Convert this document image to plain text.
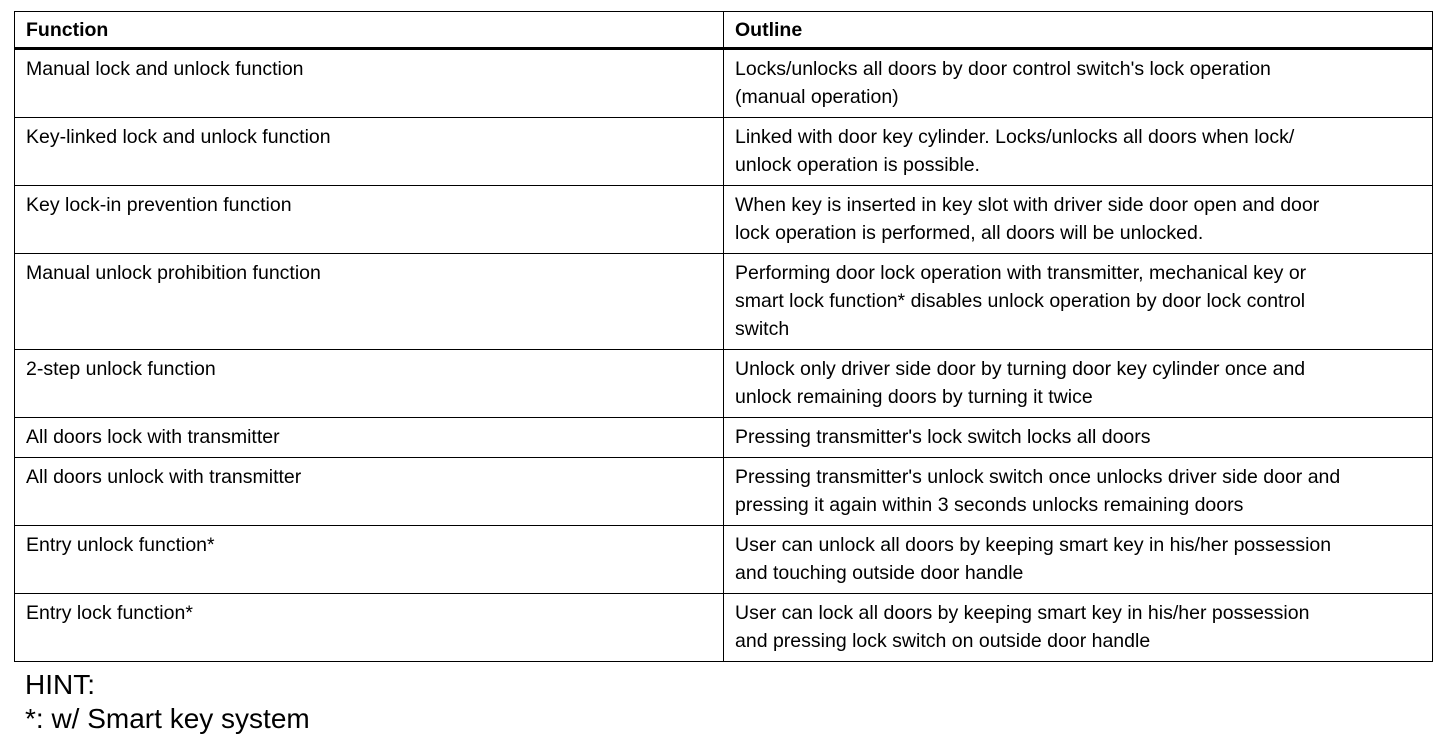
Function	Outline
Manual lock and unlock function	Locks/unlocks all doors by door control switch's lock operation
(manual operation)

Key-linked lock and unlock function	Linked with door key cylinder. Locks/unlocks all doors when lock/
unlock operation is possible.

Key lock-in prevention function	When key is inserted in key slot with driver side door open and door
lock operation is performed, all doors will be unlocked.

Manual unlock prohibition function	Performing door lock operation with transmitter, mechanical key or
smart lock function* disables unlock operation by door lock control
switch

2-step unlock function	Unlock only driver side door by turning door key cylinder once and
unlock remaining doors by turning it twice

All doors lock with transmitter	Pressing transmitter's lock switch locks all doors

All doors unlock with transmitter	Pressing transmitter's unlock switch once unlocks driver side door and
pressing it again within 3 seconds unlocks remaining doors

Entry unlock function*	User can unlock all doors by keeping smart key in his/her possession
and touching outside door handle

Entry lock function*	User can lock all doors by keeping smart key in his/her possession
and pressing lock switch on outside door handle
HINT:
*: w/ Smart key system
